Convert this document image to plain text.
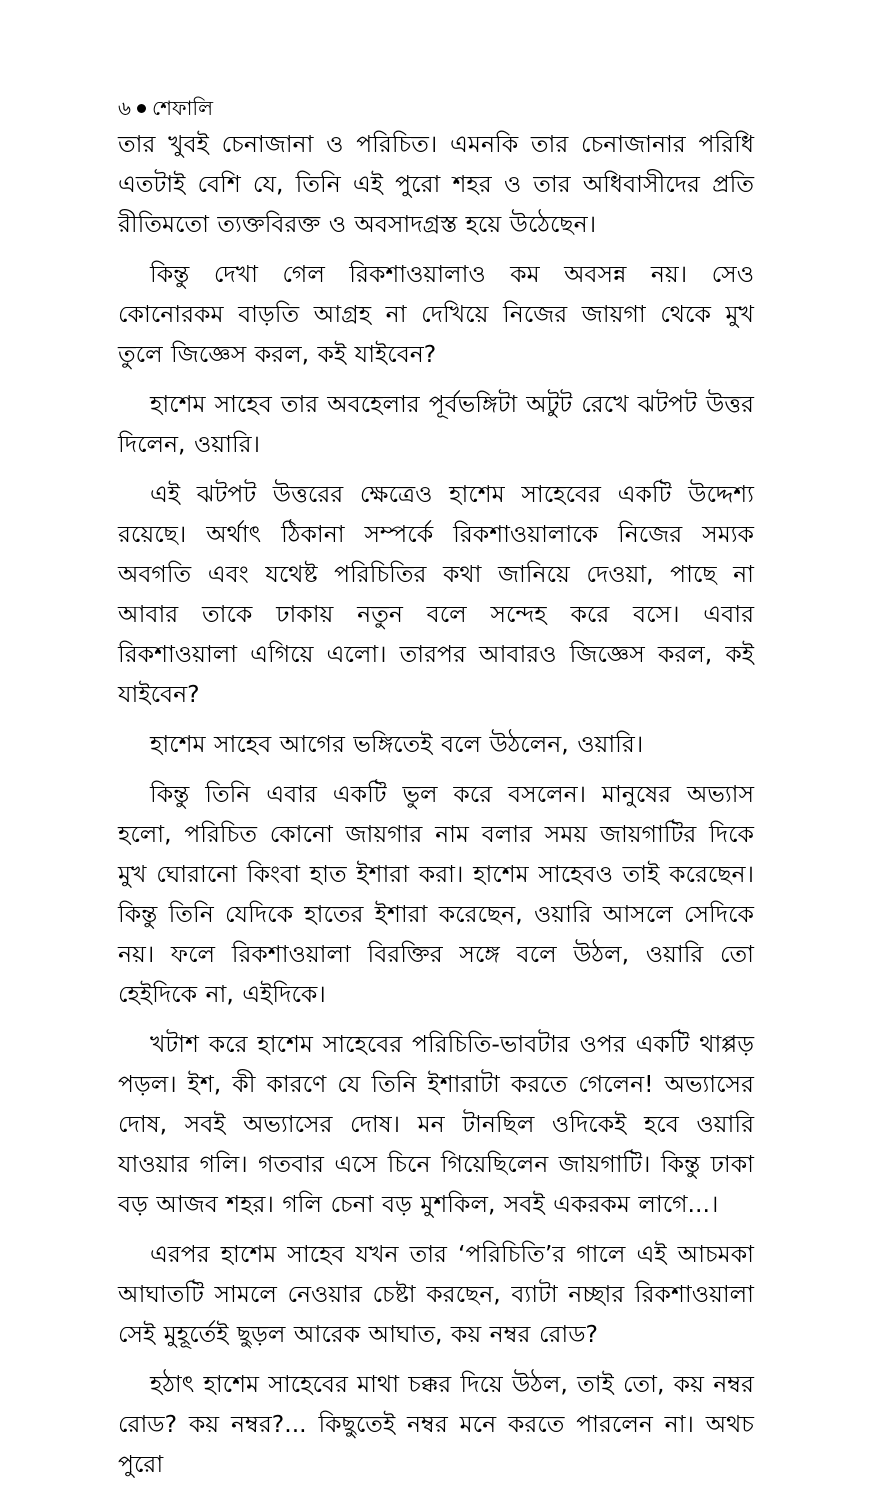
৬ শেফালি

তার খুবই চেনাজানা ও পরিচিত। এমনকি তার চেনাজানার পরিধি এতটাই বেশি যে, তিনি এই পুরো শহর ও তার অধিবাসীদের প্রতি রীতিমতো ত্যক্তবিরক্ত ও অবসাদগ্রস্ত হয়ে উঠেছেন।

কিন্তু দেখা গেল রিকশাওয়ালাও কম অবসন্ন নয়। সেও কোনোরকম বাড়তি আগ্রহ না দেখিয়ে নিজের জায়গা থেকে মুখ তুলে জিজ্ঞেস করল, কই যাইবেন?

হাশেম সাহেব তার অবহেলার পূর্বভঙ্গিটা অটুট রেখে ঝটপট উত্তর দিলেন, ওয়ারি।

এই ঝটপট উত্তরের ক্ষেত্রেও হাশেম সাহেবের একটি উদ্দেশ্য রয়েছে। অর্থাৎ ঠিকানা সম্পর্কে রিকশাওয়ালাকে নিজের সম্যক অবগতি এবং যথেষ্ট পরিচিতির কথা জানিয়ে দেওয়া, পাছে না আবার তাকে ঢাকায় নতুন বলে সন্দেহ করে বসে। এবার রিকশাওয়ালা এগিয়ে এলো। তারপর আবারও জিজ্ঞেস করল, কই যাইবেন?

হাশেম সাহেব আগের ভঙ্গিতেই বলে উঠলেন, ওয়ারি।

কিন্তু তিনি এবার একটি ভুল করে বসলেন। মানুষের অভ্যাস হলো, পরিচিত কোনো জায়গার নাম বলার সময় জায়গাটির দিকে মুখ ঘোরানো কিংবা হাত ইশারা করা। হাশেম সাহেবও তাই করেছেন। কিন্তু তিনি যেদিকে হাতের ইশারা করেছেন, ওয়ারি আসলে সেদিকে নয়। ফলে রিকশাওয়ালা বিরক্তির সঙ্গে বলে উঠল, ওয়ারি তো হেইদিকে না, এইদিকে।

খটাশ করে হাশেম সাহেবের পরিচিতি-ভাবটার ওপর একটি থাপ্পড় পড়ল। ইশ, কী কারণে যে তিনি ইশারাটা করতে গেলেন! অভ্যাসের দোষ, সবই অভ্যাসের দোষ। মন টানছিল ওদিকেই হবে ওয়ারি যাওয়ার গলি। গতবার এসে চিনে গিয়েছিলেন জায়গাটি। কিন্তু ঢাকা বড় আজব শহর। গলি চেনা বড় মুশকিল, সবই একরকম লাগে...।

এরপর হাশেম সাহেব যখন তার ‘পরিচিতি’র গালে এই আচমকা আঘাতটি সামলে নেওয়ার চেষ্টা করছেন, ব্যাটা নচ্ছার রিকশাওয়ালা সেই মুহূর্তেই ছুড়ল আরেক আঘাত, কয় নম্বর রোড?

হঠাৎ হাশেম সাহেবের মাথা চক্কর দিয়ে উঠল, তাই তো, কয় নম্বর রোড? কয় নম্বর?... কিছুতেই নম্বর মনে করতে পারলেন না। অথচ পুরো
